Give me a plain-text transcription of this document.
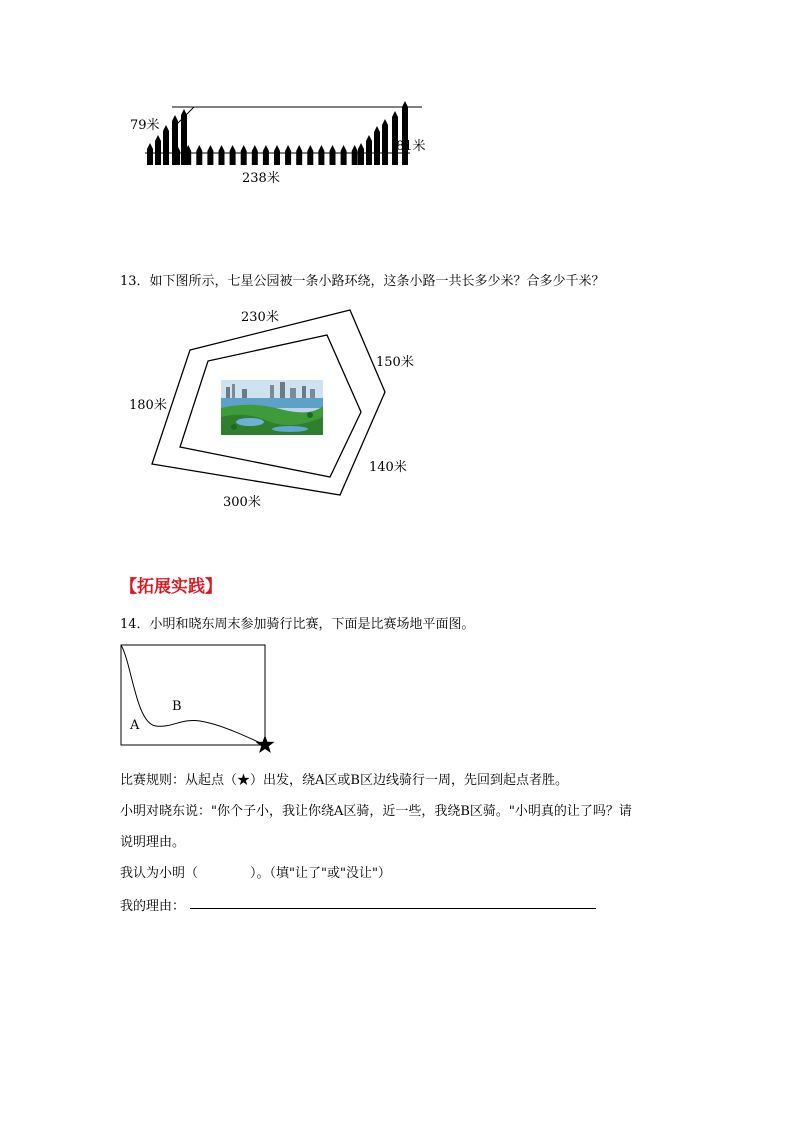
79米
81米
238米
13．如下图所示，七星公园被一条小路环绕，这条小路一共长多少米？合多少千米？
230米
150米
180米
140米
300米
【拓展实践】
14．小明和晓东周末参加骑行比赛，下面是比赛场地平面图。
A
B
比赛规则：从起点（★）出发，绕A区或B区边线骑行一周，先回到起点者胜。
小明对晓东说："你个子小，我让你绕A区骑，近一些，我绕B区骑。"小明真的让了吗？请
说明理由。
我认为小明（　　　　）。（填"让了"或"没让"）
我的理由：
